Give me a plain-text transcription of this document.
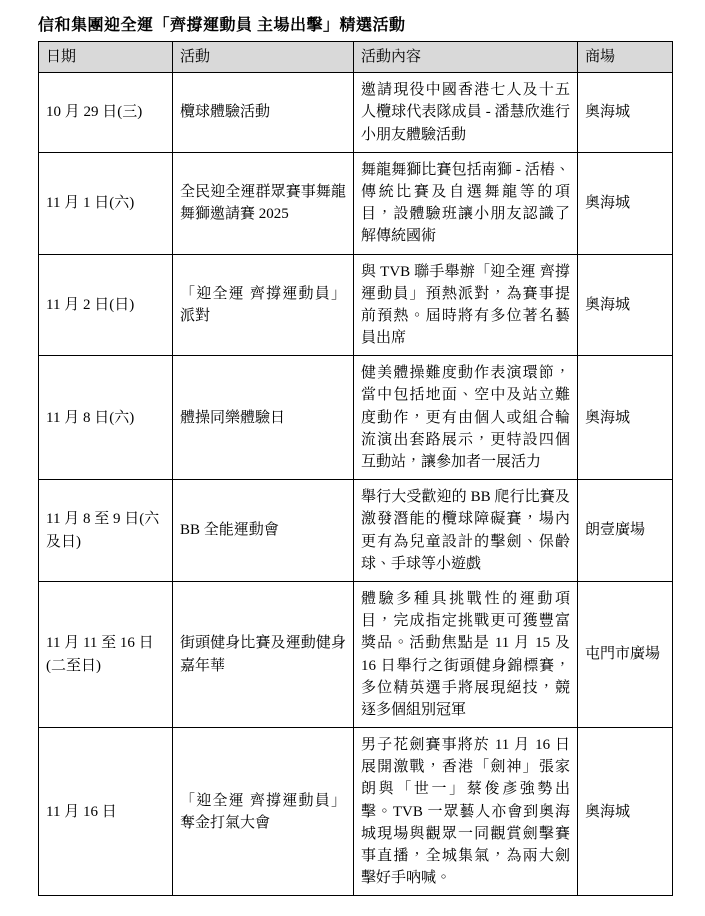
信和集團迎全運「齊撐運動員 主場出擊」精選活動
日期	活動	活動內容	商場
10 月 29 日(三)	欖球體驗活動	邀請現役中國香港七人及十五人欖球代表隊成員 - 潘慧欣進行小朋友體驗活動	奧海城
11 月 1 日(六)	全民迎全運群眾賽事舞龍舞獅邀請賽 2025	舞龍舞獅比賽包括南獅 - 活樁、傳統比賽及自選舞龍等的項目，設體驗班讓小朋友認識了解傳統國術	奧海城
11 月 2 日(日)	「迎全運 齊撐運動員」派對	與 TVB 聯手舉辦「迎全運 齊撐運動員」預熱派對，為賽事提前預熱。屆時將有多位著名藝員出席	奧海城
11 月 8 日(六)	體操同樂體驗日	健美體操難度動作表演環節，當中包括地面、空中及站立難度動作，更有由個人或組合輪流演出套路展示，更特設四個互動站，讓參加者一展活力	奧海城
11 月 8 至 9 日(六及日)	BB 全能運動會	舉行大受歡迎的 BB 爬行比賽及激發潛能的欖球障礙賽，場內更有為兒童設計的擊劍、保齡球、手球等小遊戲	朗壹廣場
11 月 11 至 16 日(二至日)	街頭健身比賽及運動健身嘉年華	體驗多種具挑戰性的運動項目，完成指定挑戰更可獲豐富獎品。活動焦點是 11 月 15 及 16 日舉行之街頭健身錦標賽，多位精英選手將展現絕技，競逐多個組別冠軍	屯門市廣場
11 月 16 日	「迎全運 齊撐運動員」奪金打氣大會	男子花劍賽事將於 11 月 16 日展開激戰，香港「劍神」張家朗與「世一」蔡俊彥強勢出擊。TVB 一眾藝人亦會到奧海城現場與觀眾一同觀賞劍擊賽事直播，全城集氣，為兩大劍擊好手吶喊。	奧海城
